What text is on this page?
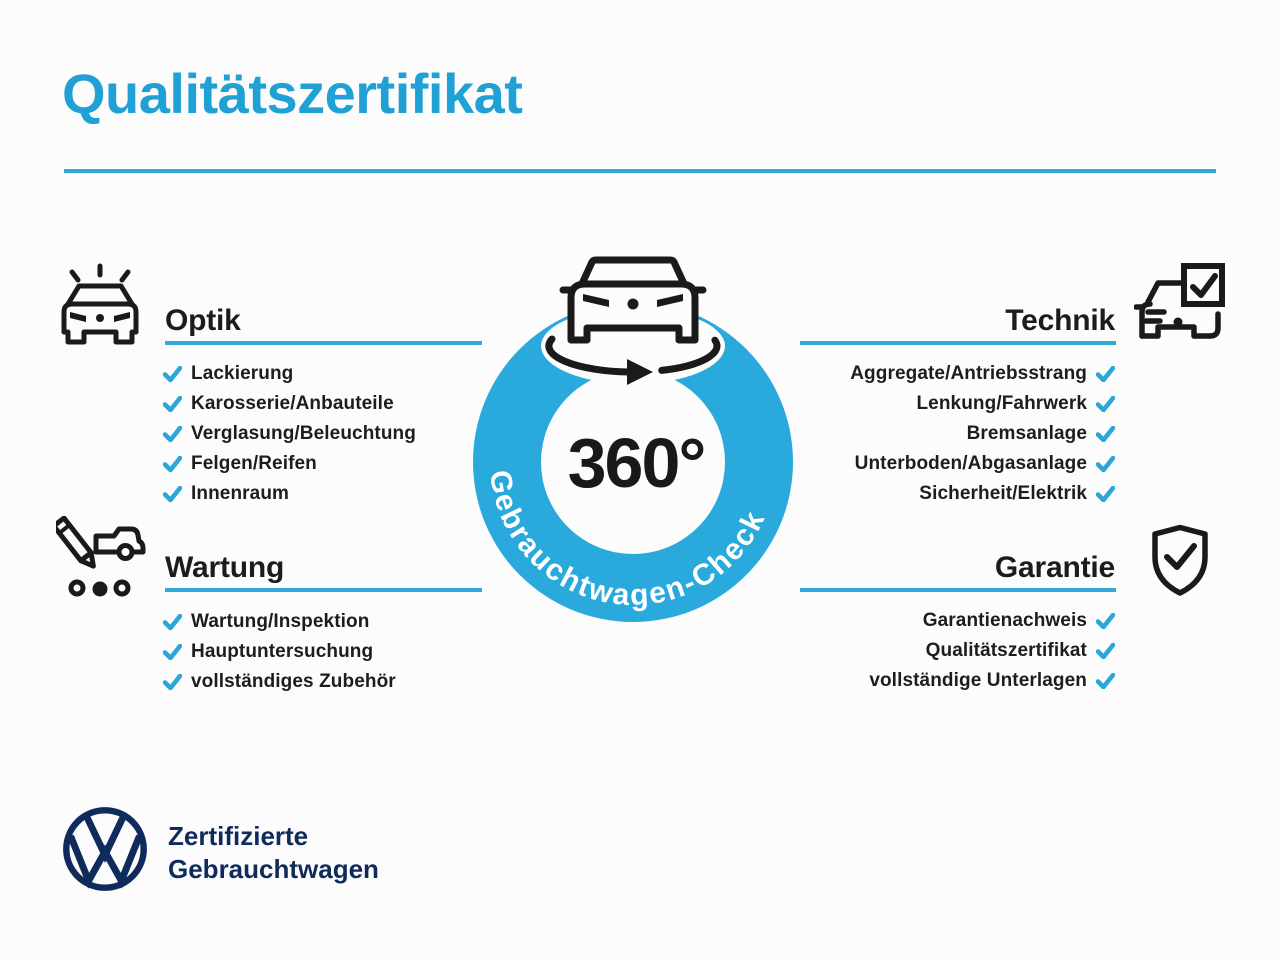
Qualitätszertifikat
Optik
Lackierung
Karosserie/Anbauteile
Verglasung/Beleuchtung
Felgen/Reifen
Innenraum
Technik
Aggregate/Antriebsstrang
Lenkung/Fahrwerk
Bremsanlage
Unterboden/Abgasanlage
Sicherheit/Elektrik
Wartung
Wartung/Inspektion
Hauptuntersuchung
vollständiges Zubehör
Garantie
Garantienachweis
Qualitätszertifikat
vollständige Unterlagen
360°
Gebrauchtwagen-Check
Zertifizierte
Gebrauchtwagen
